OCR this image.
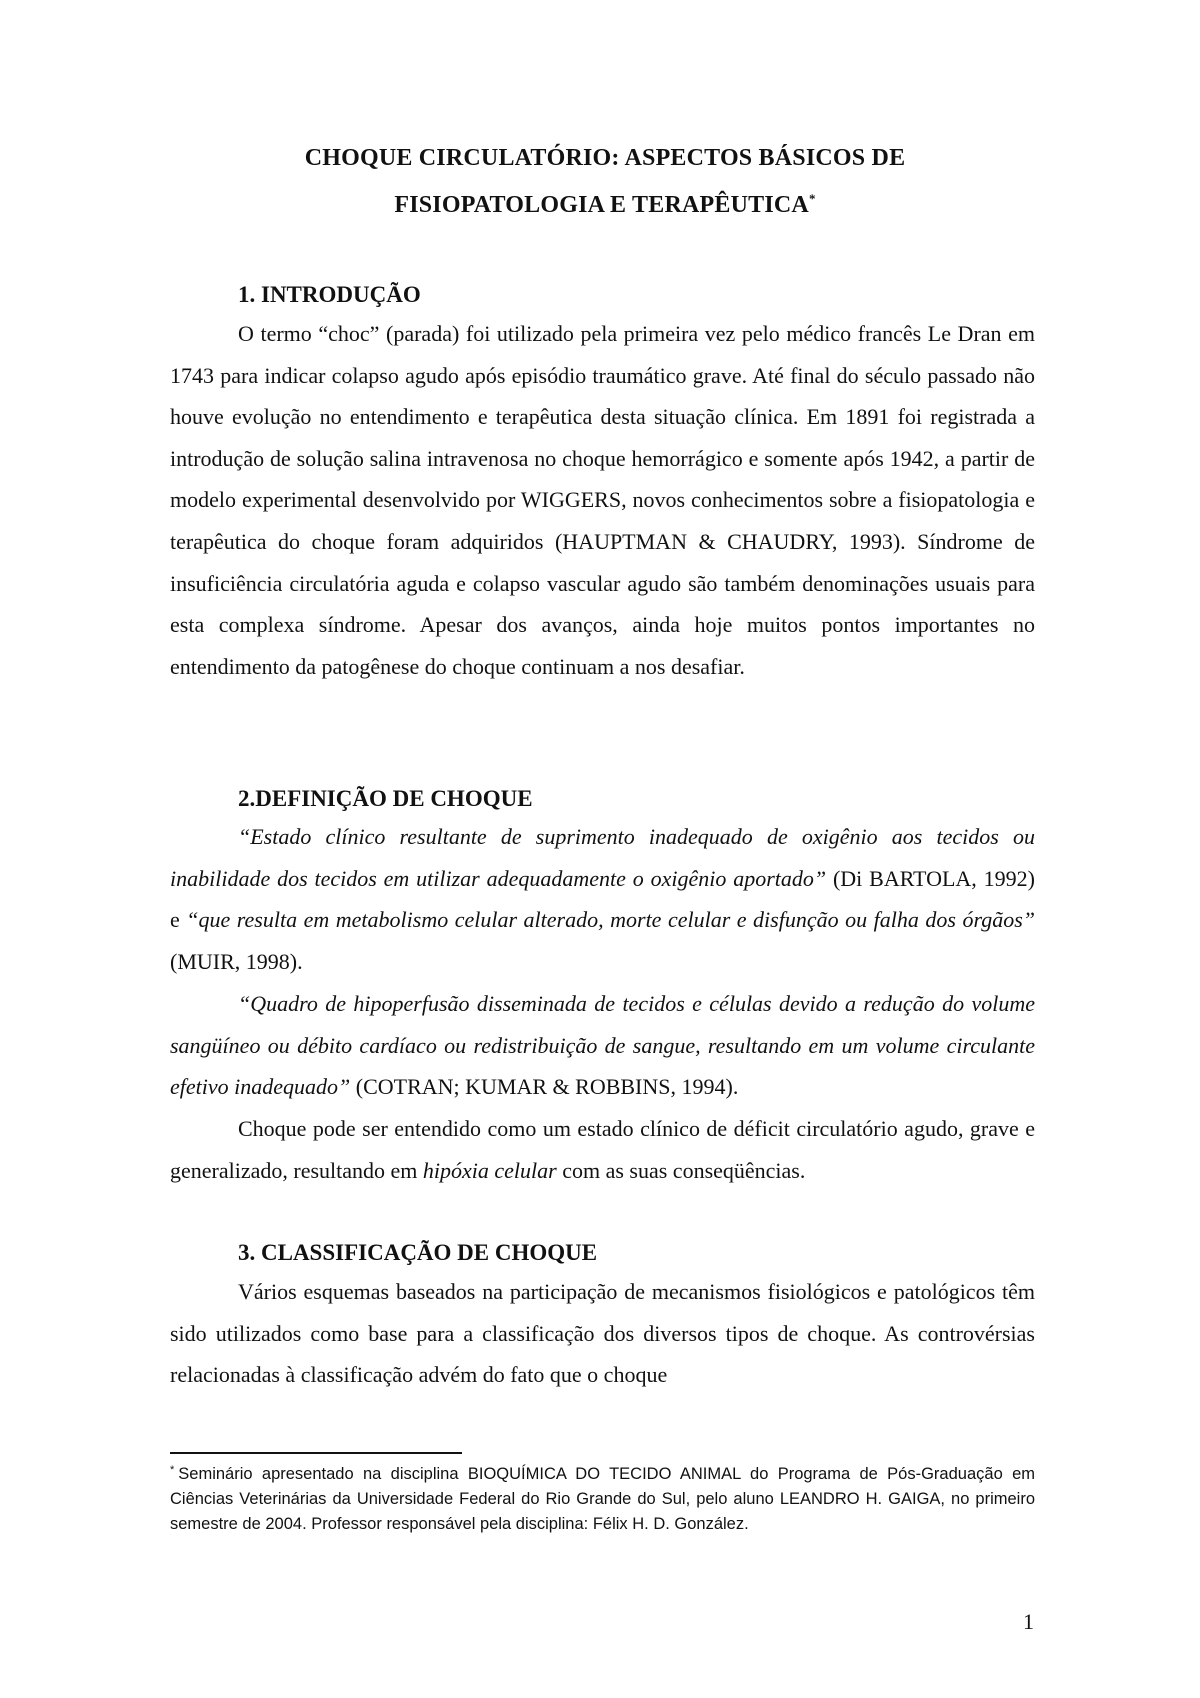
CHOQUE CIRCULATÓRIO: ASPECTOS BÁSICOS DE
FISIOPATOLOGIA E TERAPÊUTICA*
1. INTRODUÇÃO

O termo “choc” (parada) foi utilizado pela primeira vez pelo médico francês Le Dran em 1743 para indicar colapso agudo após episódio traumático grave. Até final do século passado não houve evolução no entendimento e terapêutica desta situação clínica. Em 1891 foi registrada a introdução de solução salina intravenosa no choque hemorrágico e somente após 1942, a partir de modelo experimental desenvolvido por WIGGERS, novos conhecimentos sobre a fisiopatologia e terapêutica do choque foram adquiridos (HAUPTMAN & CHAUDRY, 1993). Síndrome de insuficiência circulatória aguda e colapso vascular agudo são também denominações usuais para esta complexa síndrome. Apesar dos avanços, ainda hoje muitos pontos importantes no entendimento da patogênese do choque continuam a nos desafiar.

2.DEFINIÇÃO DE CHOQUE

“Estado clínico resultante de suprimento inadequado de oxigênio aos tecidos ou inabilidade dos tecidos em utilizar adequadamente o oxigênio aportado” (Di BARTOLA, 1992) e “que resulta em metabolismo celular alterado, morte celular e disfunção ou falha dos órgãos” (MUIR, 1998).

“Quadro de hipoperfusão disseminada de tecidos e células devido a redução do volume sangüíneo ou débito cardíaco ou redistribuição de sangue, resultando em um volume circulante efetivo inadequado” (COTRAN; KUMAR & ROBBINS, 1994).

Choque pode ser entendido como um estado clínico de déficit circulatório agudo, grave e generalizado, resultando em hipóxia celular com as suas conseqüências.

3. CLASSIFICAÇÃO DE CHOQUE

Vários esquemas baseados na participação de mecanismos fisiológicos e patológicos têm sido utilizados como base para a classificação dos diversos tipos de choque. As controvérsias relacionadas à classificação advém do fato que o choque

* Seminário apresentado na disciplina BIOQUÍMICA DO TECIDO ANIMAL do Programa de Pós-Graduação em Ciências Veterinárias da Universidade Federal do Rio Grande do Sul, pelo aluno LEANDRO H. GAIGA, no primeiro semestre de 2004. Professor responsável pela disciplina: Félix H. D. González.

1
